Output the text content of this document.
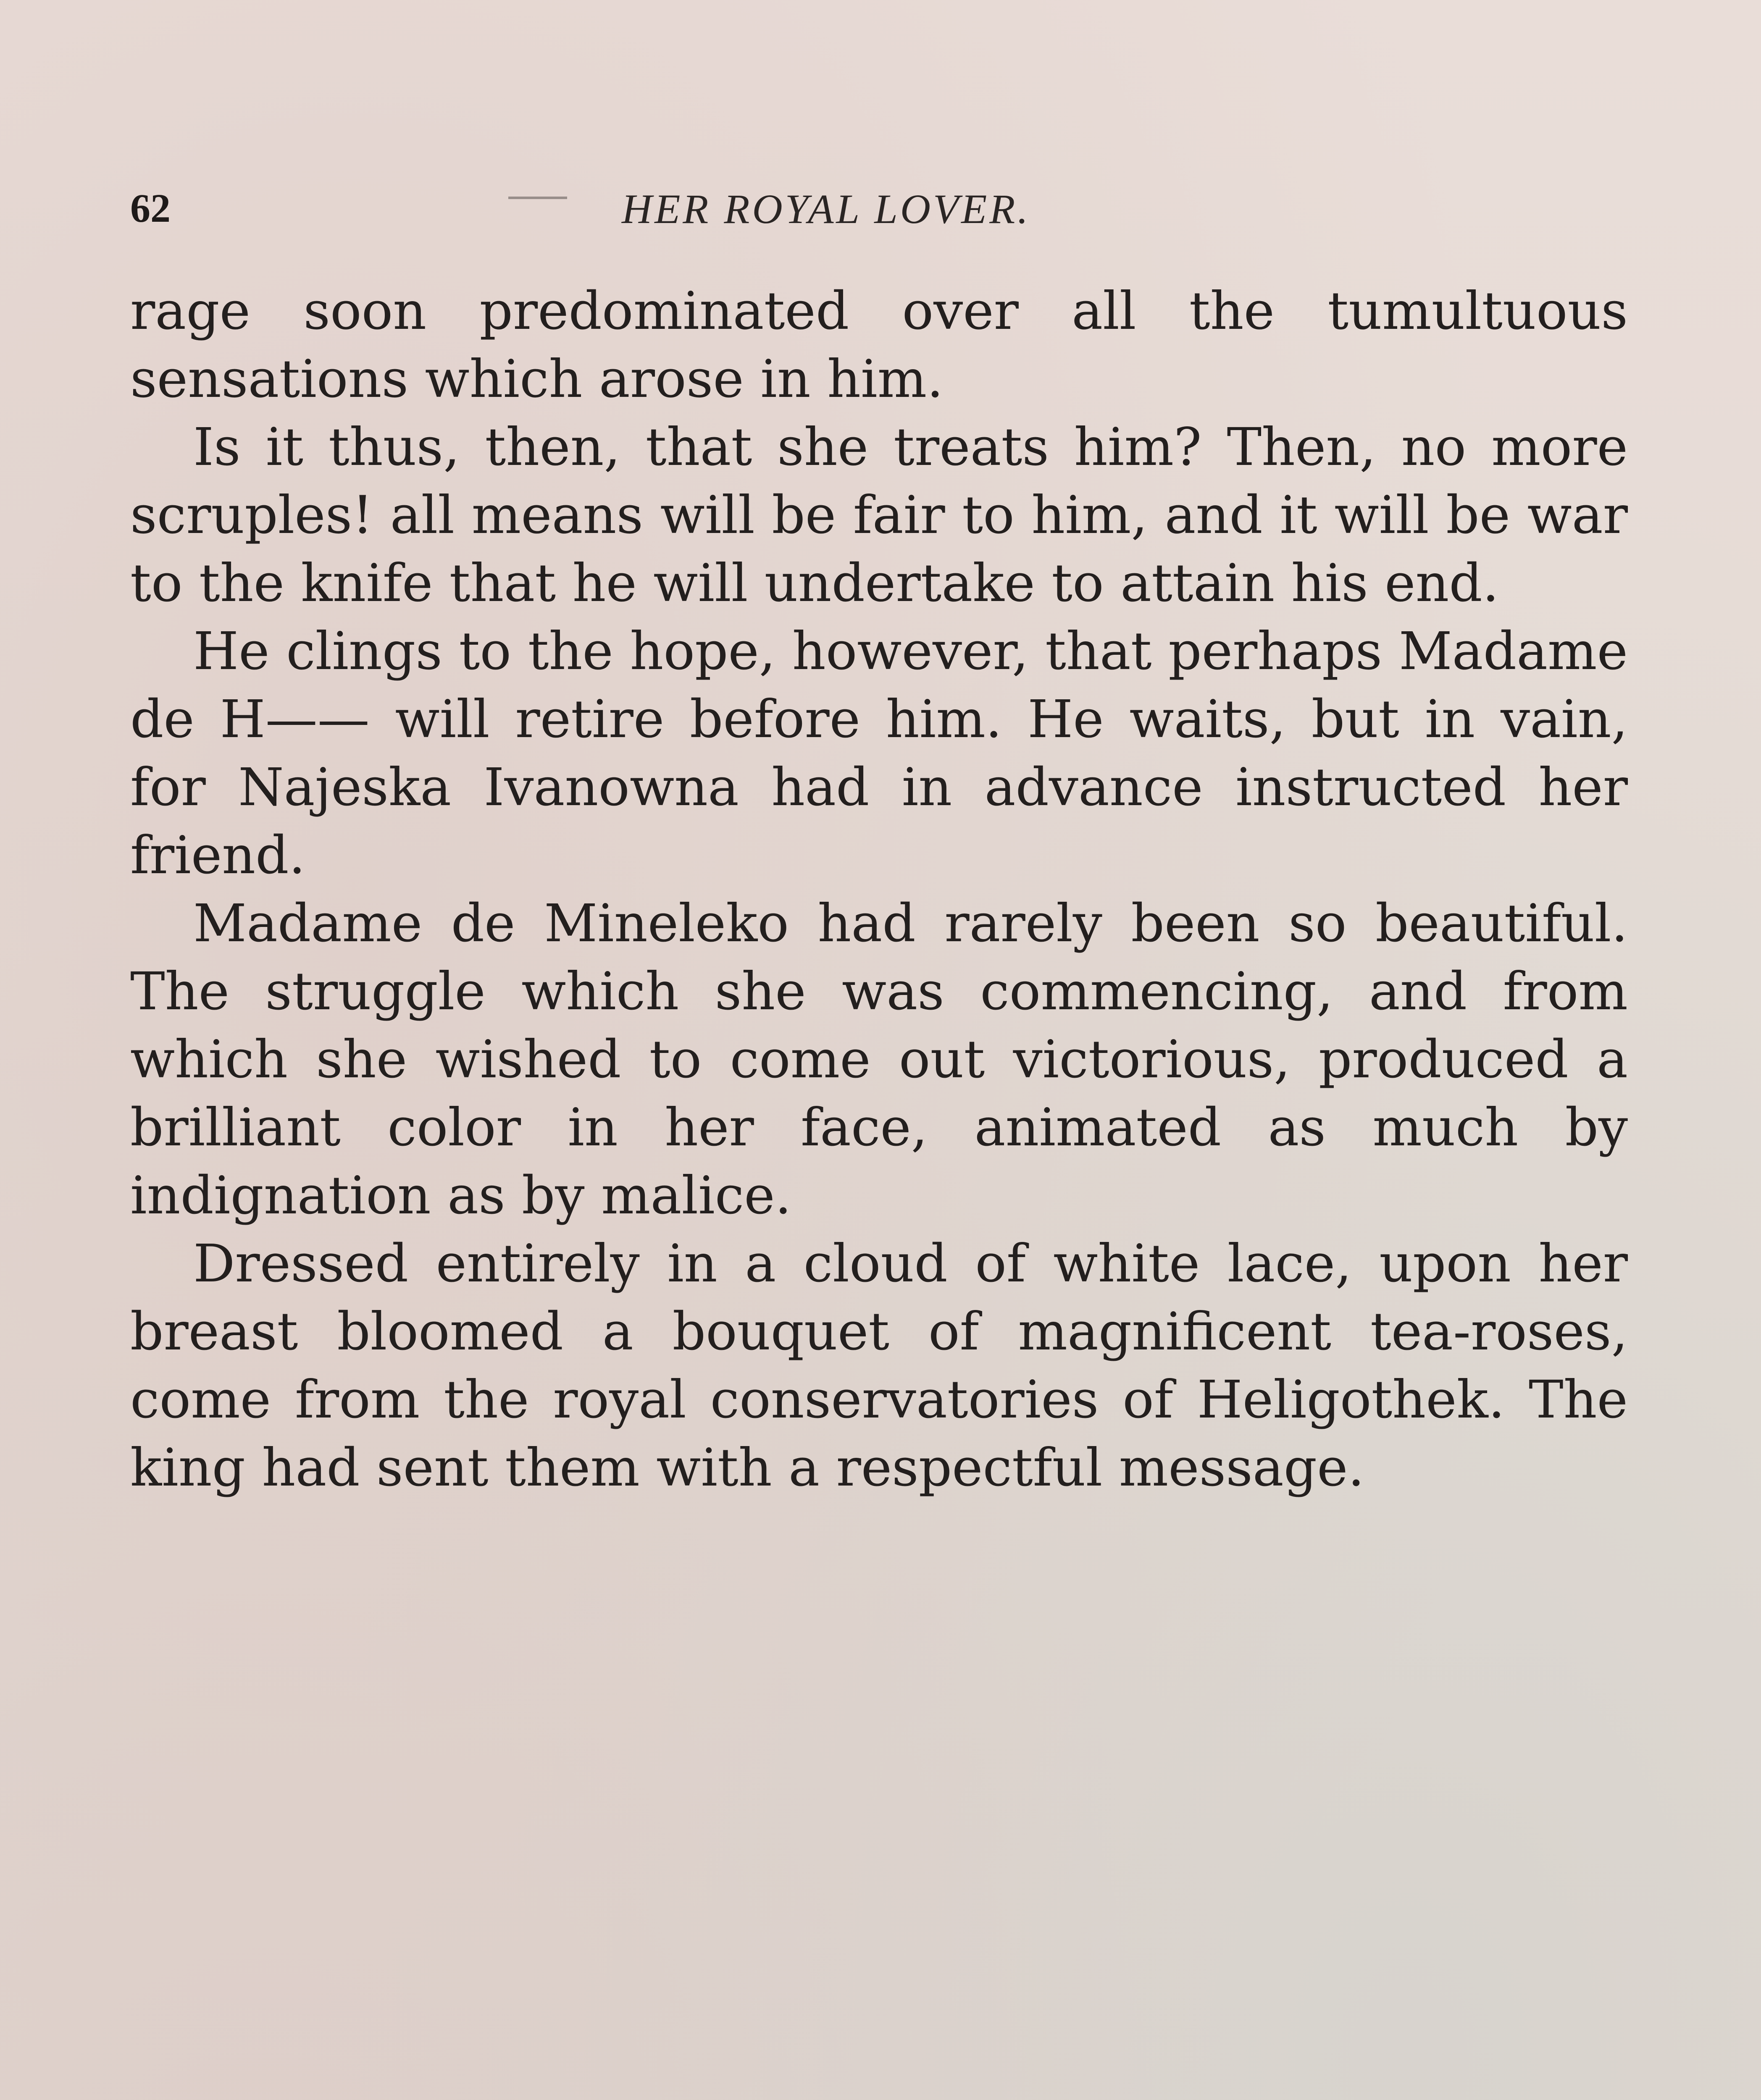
62	HER ROYAL LOVER.

rage soon predominated over all the tumultuous sensations which arose in him.

Is it thus, then, that she treats him? Then, no more scruples! all means will be fair to him, and it will be war to the knife that he will undertake to attain his end.

He clings to the hope, however, that perhaps Madame de H—— will retire before him. He waits, but in vain, for Najeska Ivanowna had in advance instructed her friend.

Madame de Mineleko had rarely been so beautiful. The struggle which she was commencing, and from which she wished to come out victorious, produced a brilliant color in her face, animated as much by indignation as by malice.

Dressed entirely in a cloud of white lace, upon her breast bloomed a bouquet of magnificent tea-roses, come from the royal conservatories of Heligothek. The king had sent them with a respectful message.
